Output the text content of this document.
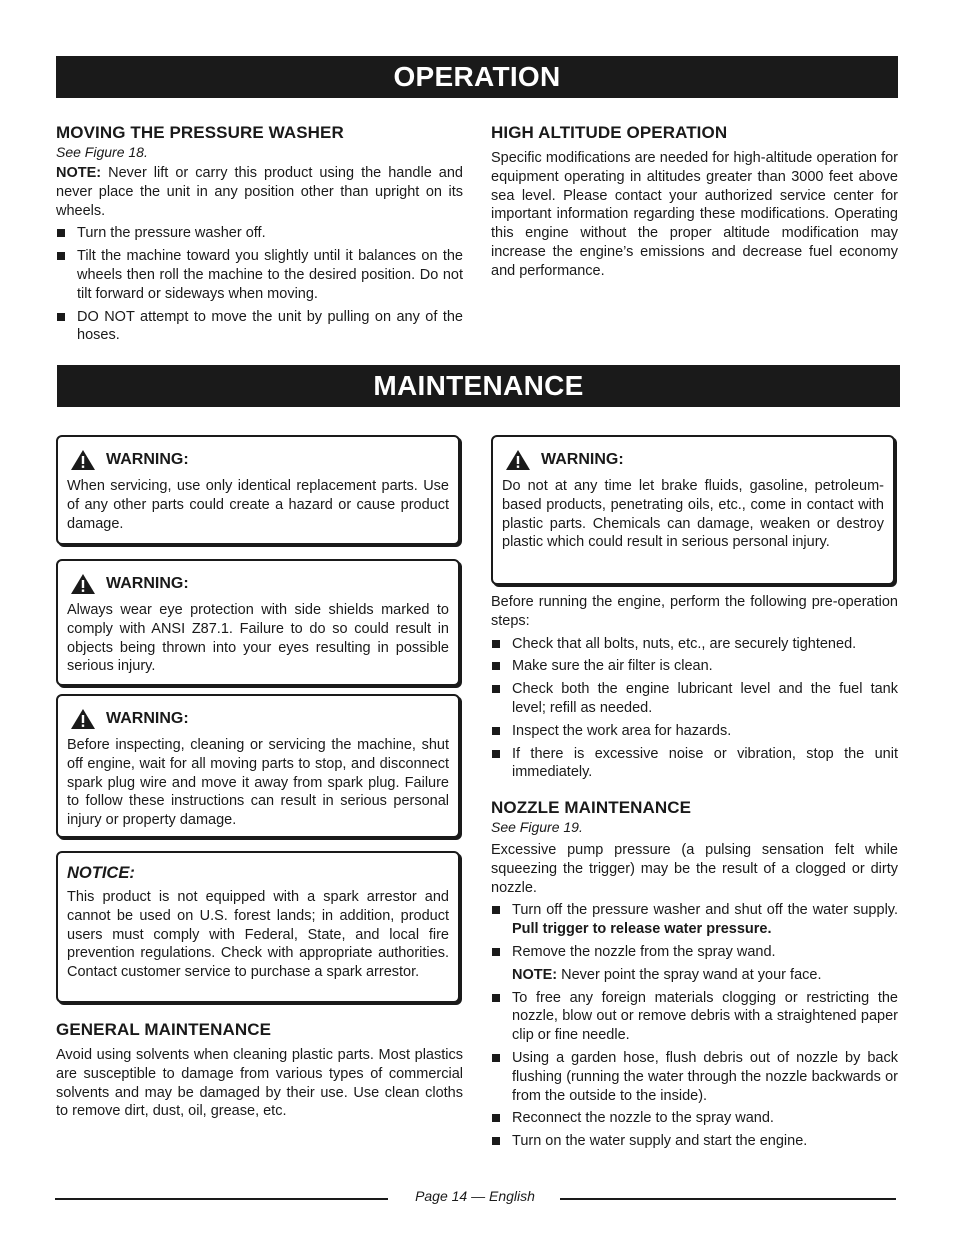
OPERATION

MOVING THE PRESSURE WASHER

See Figure 18.

NOTE: Never lift or carry this product using the handle and never place the unit in any position other than upright on its wheels.

Turn the pressure washer off.
Tilt the machine toward you slightly until it balances on the wheels then roll the machine to the desired position. Do not tilt forward or sideways when moving.
DO NOT attempt to move the unit by pulling on any of the hoses.

HIGH ALTITUDE OPERATION

Specific modifications are needed for high-altitude operation for equipment operating in altitudes greater than 3000 feet above sea level. Please contact your authorized service center for important information regarding these modifications. Operating this engine without the proper altitude modification may increase the engine’s emissions and decrease fuel economy and performance.

MAINTENANCE
WARNING:

When servicing, use only identical replacement parts. Use of any other parts could create a hazard or cause product damage.

WARNING:

Always wear eye protection with side shields marked to comply with ANSI Z87.1. Failure to do so could result in objects being thrown into your eyes resulting in possible serious injury.

WARNING:

Before inspecting, cleaning or servicing the machine, shut off engine, wait for all moving parts to stop, and disconnect spark plug wire and move it away from spark plug. Failure to follow these instructions can result in serious personal injury or property damage.

NOTICE:

This product is not equipped with a spark arrestor and cannot be used on U.S. forest lands; in addition, product users must comply with Federal, State, and local fire prevention regulations. Check with appropriate authorities. Contact customer service to purchase a spark arrestor.

GENERAL MAINTENANCE

Avoid using solvents when cleaning plastic parts. Most plastics are susceptible to damage from various types of commercial solvents and may be damaged by their use. Use clean cloths to remove dirt, dust, oil, grease, etc.

WARNING:

Do not at any time let brake fluids, gasoline, petroleum-based products, penetrating oils, etc., come in contact with plastic parts. Chemicals can damage, weaken or destroy plastic which could result in serious personal injury.

Before running the engine, perform the following pre-operation steps:

Check that all bolts, nuts, etc., are securely tightened.
Make sure the air filter is clean.
Check both the engine lubricant level and the fuel tank level; refill as needed.
Inspect the work area for hazards.
If there is excessive noise or vibration, stop the unit immediately.

NOZZLE MAINTENANCE

See Figure 19.

Excessive pump pressure (a pulsing sensation felt while squeezing the trigger) may be the result of a clogged or dirty nozzle.

Turn off the pressure washer and shut off the water supply. Pull trigger to release water pressure.
Remove the nozzle from the spray wand.

NOTE: Never point the spray wand at your face.

To free any foreign materials clogging or restricting the nozzle, blow out or remove debris with a straightened paper clip or fine needle.
Using a garden hose, flush debris out of nozzle by back flushing (running the water through the nozzle backwards or from the outside to the inside).
Reconnect the nozzle to the spray wand.
Turn on the water supply and start the engine.
Page 14 — English
